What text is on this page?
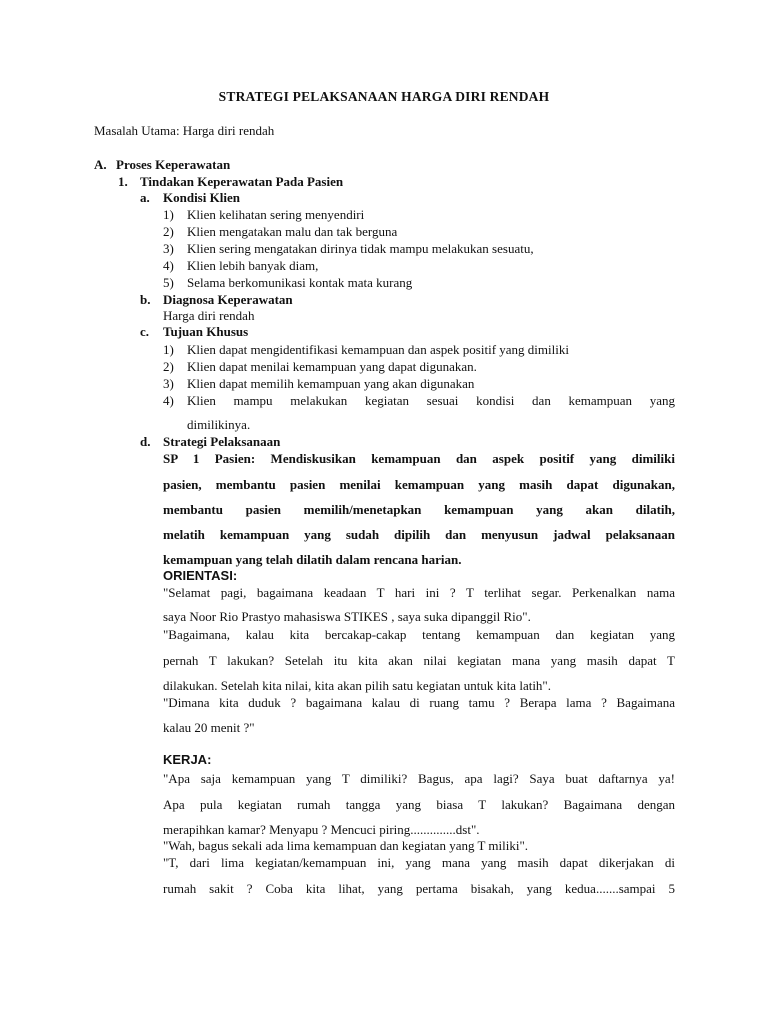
STRATEGI PELAKSANAAN HARGA DIRI RENDAH
Masalah Utama: Harga diri rendah
A. Proses Keperawatan
1. Tindakan Keperawatan Pada Pasien
a. Kondisi Klien
1) Klien kelihatan sering menyendiri
2) Klien mengatakan malu dan tak berguna
3) Klien sering mengatakan dirinya tidak mampu melakukan sesuatu,
4) Klien lebih banyak diam,
5) Selama berkomunikasi kontak mata kurang
b. Diagnosa Keperawatan
Harga diri rendah
c. Tujuan Khusus
1) Klien dapat mengidentifikasi kemampuan dan aspek positif yang dimiliki
2) Klien dapat menilai kemampuan yang dapat digunakan.
3) Klien dapat memilih kemampuan yang akan digunakan
4) Klien mampu melakukan kegiatan sesuai kondisi dan kemampuan yang
dimilikinya.
d. Strategi Pelaksanaan
SP 1 Pasien: Mendiskusikan kemampuan dan aspek positif yang dimiliki
pasien, membantu pasien menilai kemampuan yang masih dapat digunakan,
membantu pasien memilih/menetapkan kemampuan yang akan dilatih,
melatih kemampuan yang sudah dipilih dan menyusun jadwal pelaksanaan
kemampuan yang telah dilatih dalam rencana harian.
ORIENTASI:
"Selamat pagi, bagaimana keadaan T hari ini ? T terlihat segar. Perkenalkan nama
saya Noor Rio Prastyo mahasiswa STIKES , saya suka dipanggil Rio".
"Bagaimana, kalau kita bercakap-cakap tentang kemampuan dan kegiatan yang
pernah T lakukan? Setelah itu kita akan nilai kegiatan mana yang masih dapat T
dilakukan. Setelah kita nilai, kita akan pilih satu kegiatan untuk kita latih".
"Dimana kita duduk ? bagaimana kalau di ruang tamu ? Berapa lama ? Bagaimana
kalau 20 menit ?"
KERJA:
"Apa saja kemampuan yang T dimiliki? Bagus, apa lagi? Saya buat daftarnya ya!
Apa pula kegiatan rumah tangga yang biasa T lakukan? Bagaimana dengan
merapihkan kamar? Menyapu ? Mencuci piring..............dst".
"Wah, bagus sekali ada lima kemampuan dan kegiatan yang T miliki".
"T, dari lima kegiatan/kemampuan ini, yang mana yang masih dapat dikerjakan di
rumah sakit ? Coba kita lihat, yang pertama bisakah, yang kedua.......sampai 5
